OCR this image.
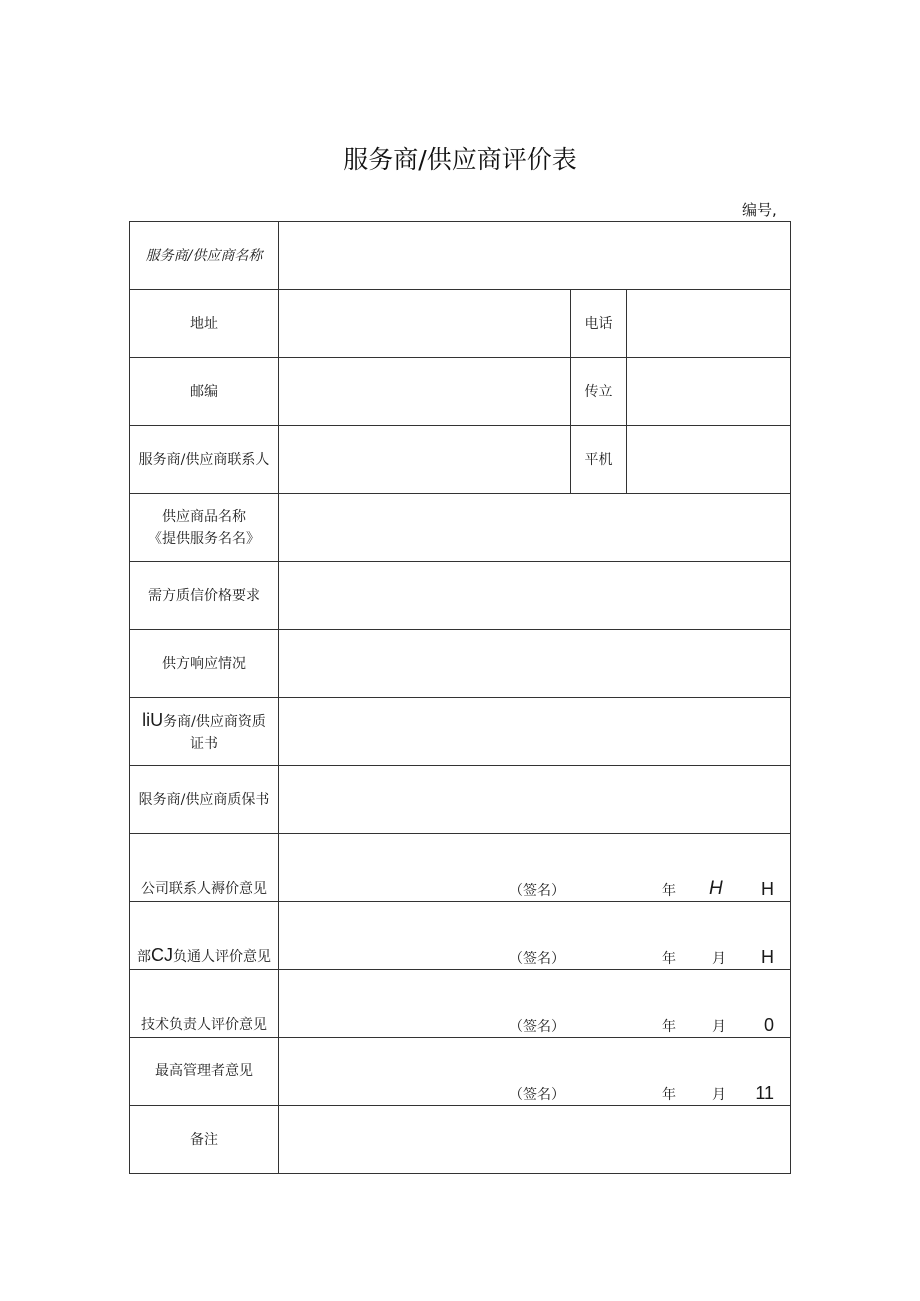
服务商/供应商评价表
编号,
服务商/供应商名称			
地址		电话	
邮编		传立	
服务商/供应商联系人		平机	

供应商品名称
《提供服务名名》			

需方质信价格要求			
供方响应情况			

liU务商/供应商资质
证书			

限务商/供应商质保书			
公司联系人褥价意见	（签名） 年 H H		

部CJ负通人评价意见	（签名） 年 月 H		

技术负责人评价意见	（签名） 年 月 0		

最高管理者意见	（签名） 年 月 11		

备注			
